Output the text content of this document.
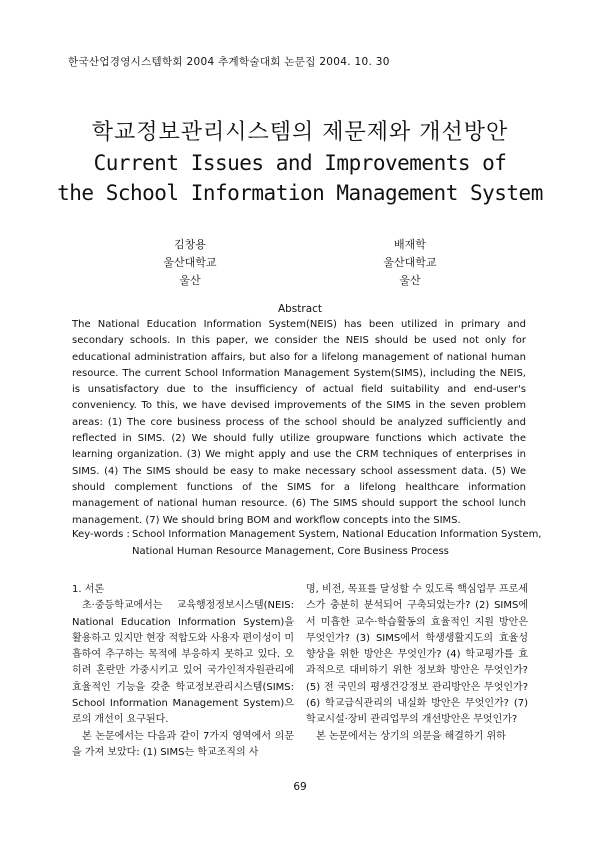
한국산업경영시스템학회 2004 추계학술대회 논문집 2004. 10. 30
학교정보관리시스템의 제문제와 개선방안
Current Issues and Improvements of
the School Information Management System
김창용
울산대학교
울산
배재학
울산대학교
울산
Abstract
The National Education Information System(NEIS) has been utilized in primary and secondary schools. In this paper, we consider the NEIS should be used not only for educational administration affairs, but also for a lifelong management of national human resource. The current School Information Management System(SIMS), including the NEIS, is unsatisfactory due to the insufficiency of actual field suitability and end-user's conveniency. To this, we have devised improvements of the SIMS in the seven problem areas: (1) The core business process of the school should be analyzed sufficiently and reflected in SIMS. (2) We should fully utilize groupware functions which activate the learning organization. (3) We might apply and use the CRM techniques of enterprises in SIMS. (4) The SIMS should be easy to make necessary school assessment data. (5) We should complement functions of the SIMS for a lifelong healthcare information management of national human resource. (6) The SIMS should support the school lunch management. (7) We should bring BOM and workflow concepts into the SIMS.
Key-words : School Information Management System, National Education Information System,
National Human Resource Management, Core Business Process

1. 서론

초·중등학교에서는 교육행정정보시스템(NEIS: National Education Information System)을 활용하고 있지만 현장 적합도와 사용자 편이성이 미흡하여 추구하는 목적에 부응하지 못하고 있다. 오히려 혼란만 가중시키고 있어 국가인적자원관리에 효율적인 기능을 갖춘 학교정보관리시스템(SIMS: School Information Management System)으로의 개선이 요구된다.

본 논문에서는 다음과 같이 7가지 영역에서 의문을 가져 보았다: (1) SIMS는 학교조직의 사

명, 비전, 목표를 달성할 수 있도록 핵심업무 프로세스가 충분히 분석되어 구축되었는가? (2) SIMS에서 미흡한 교수·학습활동의 효율적인 지원 방안은 무엇인가? (3) SIMS에서 학생생활지도의 효율성 향상을 위한 방안은 무엇인가? (4) 학교평가를 효과적으로 대비하기 위한 정보화 방안은 무엇인가? (5) 전 국민의 평생건강정보 관리방안은 무엇인가? (6) 학교급식관리의 내실화 방안은 무엇인가? (7) 학교시설·장비 관리업무의 개선방안은 무엇인가?

본 논문에서는 상기의 의문을 해결하기 위하

69
